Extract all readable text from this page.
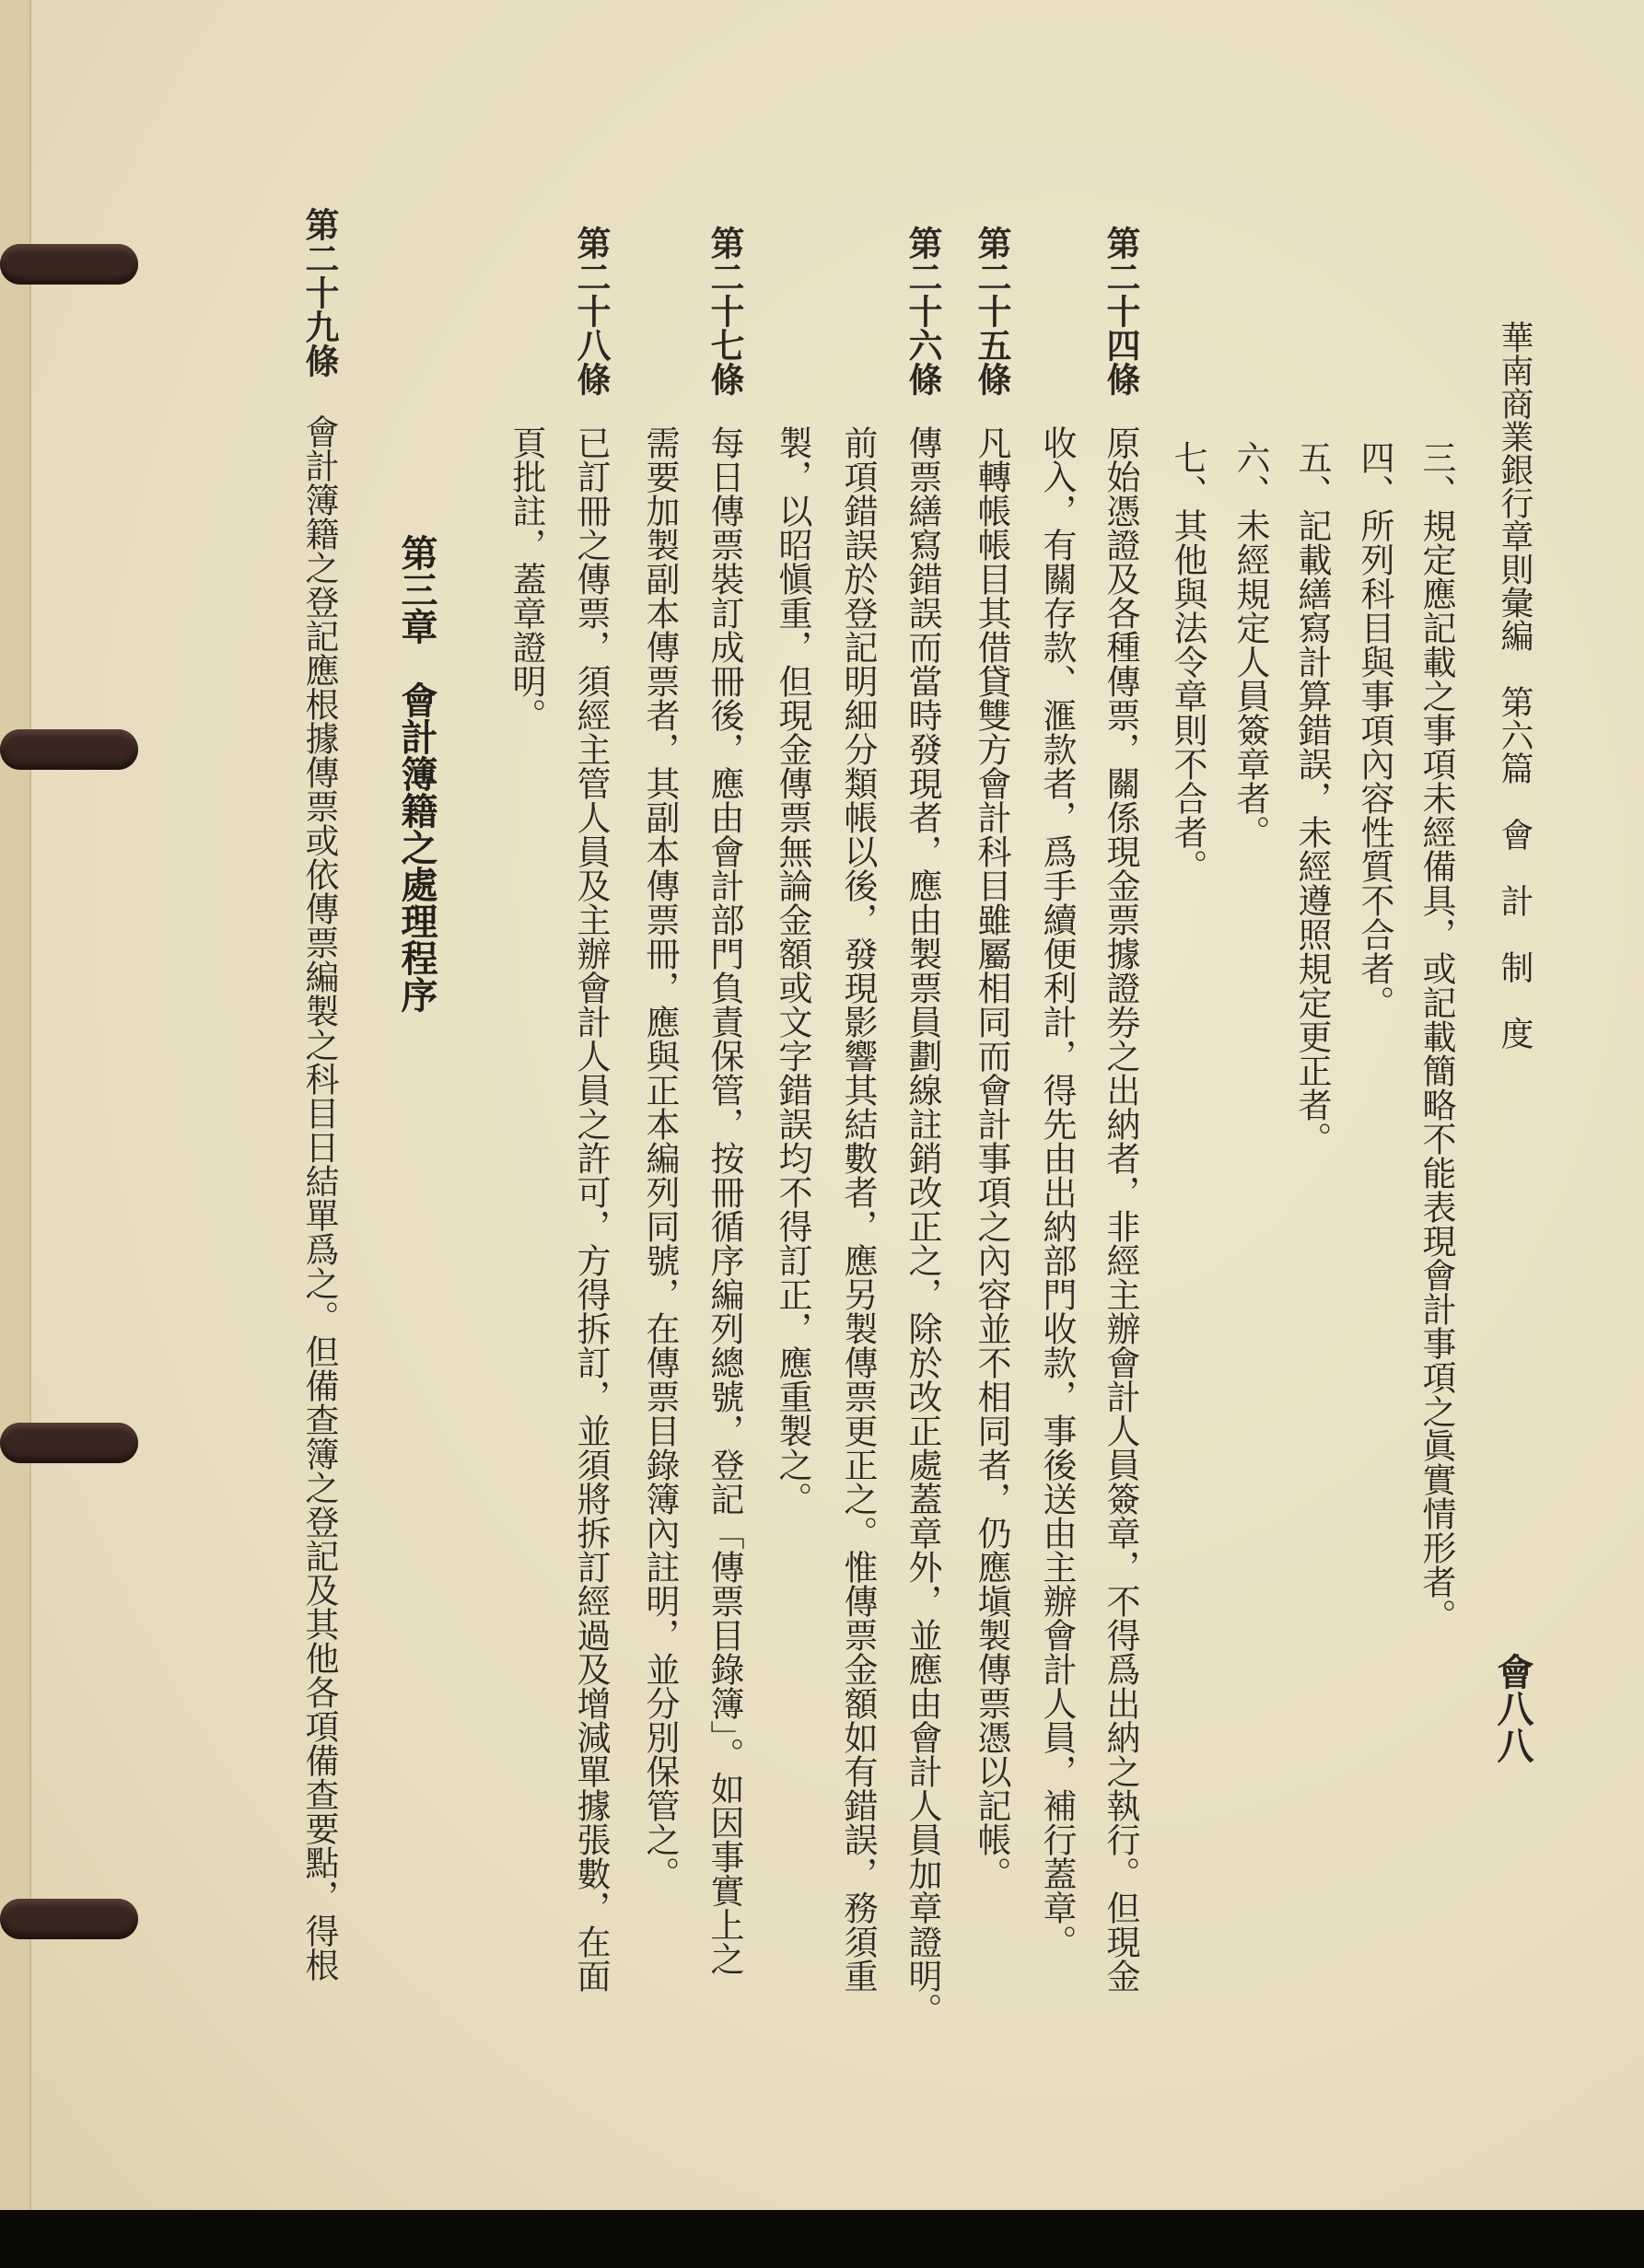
華南商業銀行章則彙編　第六篇　會　計　制　度
會八八
三、規定應記載之事項未經備具，或記載簡略不能表現會計事項之眞實情形者。
四、所列科目與事項內容性質不合者。
五、記載繕寫計算錯誤，未經遵照規定更正者。
六、未經規定人員簽章者。
七、其他與法令章則不合者。
第二十四條
原始憑證及各種傳票，關係現金票據證券之出納者，非經主辦會計人員簽章，不得爲出納之執行。但現金
收入，有關存款、滙款者，爲手續便利計，得先由出納部門收款，事後送由主辦會計人員，補行蓋章。
第二十五條
凡轉帳帳目其借貸雙方會計科目雖屬相同而會計事項之內容並不相同者，仍應塡製傳票憑以記帳。
第二十六條
傳票繕寫錯誤而當時發現者，應由製票員劃線註銷改正之，除於改正處蓋章外，並應由會計人員加章證明。
前項錯誤於登記明細分類帳以後，發現影響其結數者，應另製傳票更正之。惟傳票金額如有錯誤，務須重
製，以昭愼重，但現金傳票無論金額或文字錯誤均不得訂正，應重製之。
第二十七條
每日傳票裝訂成冊後，應由會計部門負責保管，按冊循序編列總號，登記「傳票目錄簿」。如因事實上之
需要加製副本傳票者，其副本傳票冊，應與正本編列同號，在傳票目錄簿內註明，並分別保管之。
第二十八條
已訂冊之傳票，須經主管人員及主辦會計人員之許可，方得拆訂，並須將拆訂經過及增減單據張數，在面
頁批註，蓋章證明。
第三章　會計簿籍之處理程序
第二十九條
會計簿籍之登記應根據傳票或依傳票編製之科目日結單爲之。但備查簿之登記及其他各項備查要點，得根
